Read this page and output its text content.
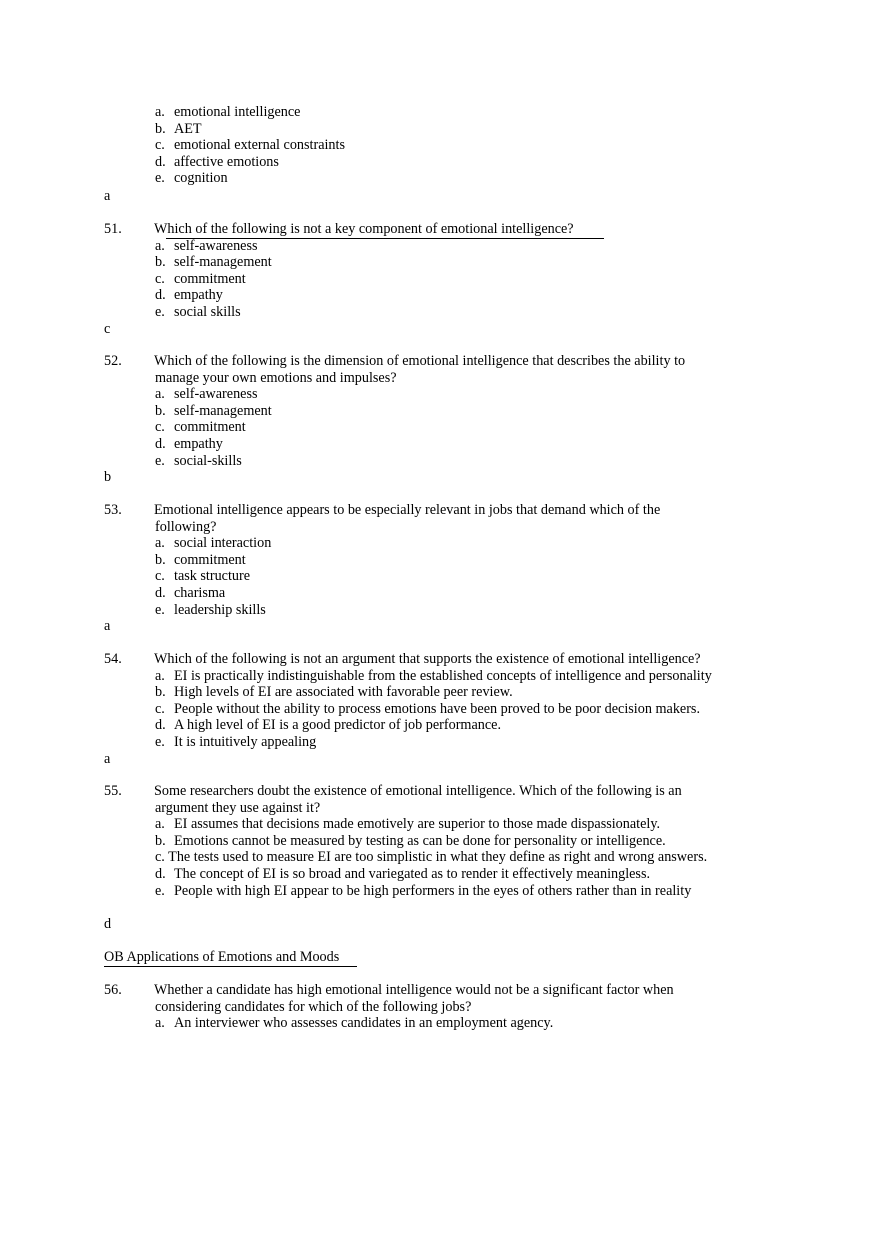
a. emotional intelligence
b. AET
c. emotional external constraints
d. affective emotions
e. cognition
a
51. Which of the following is not a key component of emotional intelligence?
a. self-awareness
b. self-management
c. commitment
d. empathy
e. social skills
c
52. Which of the following is the dimension of emotional intelligence that describes the ability to
manage your own emotions and impulses?
a. self-awareness
b. self-management
c. commitment
d. empathy
e. social-skills
b
53. Emotional intelligence appears to be especially relevant in jobs that demand which of the
following?
a. social interaction
b. commitment
c. task structure
d. charisma
e. leadership skills
a
54. Which of the following is not an argument that supports the existence of emotional intelligence?
a. EI is practically indistinguishable from the established concepts of intelligence and personality
b. High levels of EI are associated with favorable peer review.
c. People without the ability to process emotions have been proved to be poor decision makers.
d. A high level of EI is a good predictor of job performance.
e. It is intuitively appealing
a
55. Some researchers doubt the existence of emotional intelligence. Which of the following is an
argument they use against it?
a. EI assumes that decisions made emotively are superior to those made dispassionately.
b. Emotions cannot be measured by testing as can be done for personality or intelligence.
c. The tests used to measure EI are too simplistic in what they define as right and wrong answers.
d. The concept of EI is so broad and variegated as to render it effectively meaningless.
e. People with high EI appear to be high performers in the eyes of others rather than in reality
d
OB Applications of Emotions and Moods
56. Whether a candidate has high emotional intelligence would not be a significant factor when
considering candidates for which of the following jobs?
a. An interviewer who assesses candidates in an employment agency.
